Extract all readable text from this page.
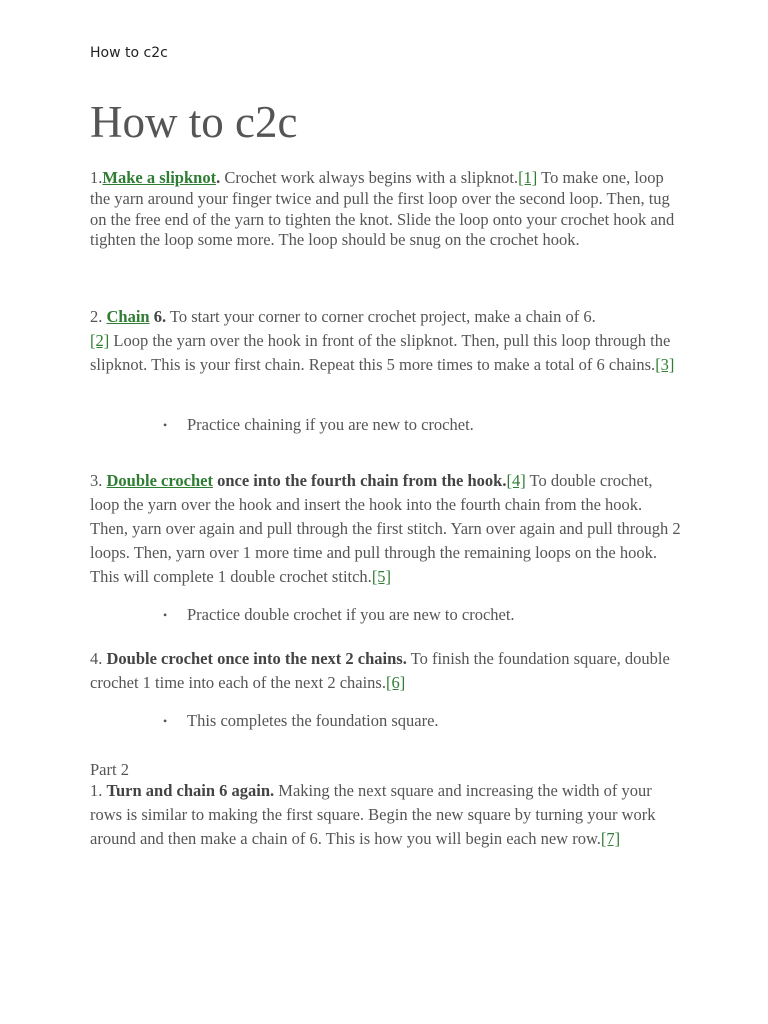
How to c2c
How to c2c

1.Make a slipknot. Crochet work always begins with a slipknot.[1] To make one, loop the yarn around your finger twice and pull the first loop over the second loop. Then, tug on the free end of the yarn to tighten the knot. Slide the loop onto your crochet hook and tighten the loop some more. The loop should be snug on the crochet hook.

2. Chain 6. To start your corner to corner crochet project, make a chain of 6.
[2] Loop the yarn over the hook in front of the slipknot. Then, pull this loop through the slipknot. This is your first chain. Repeat this 5 more times to make a total of 6 chains.[3]

• Practice chaining if you are new to crochet.

3. Double crochet once into the fourth chain from the hook.[4] To double crochet, loop the yarn over the hook and insert the hook into the fourth chain from the hook. Then, yarn over again and pull through the first stitch. Yarn over again and pull through 2 loops. Then, yarn over 1 more time and pull through the remaining loops on the hook. This will complete 1 double crochet stitch.[5]

• Practice double crochet if you are new to crochet.

4. Double crochet once into the next 2 chains. To finish the foundation square, double crochet 1 time into each of the next 2 chains.[6]

• This completes the foundation square.
Part 2

1. Turn and chain 6 again. Making the next square and increasing the width of your rows is similar to making the first square. Begin the new square by turning your work around and then make a chain of 6. This is how you will begin each new row.[7]
